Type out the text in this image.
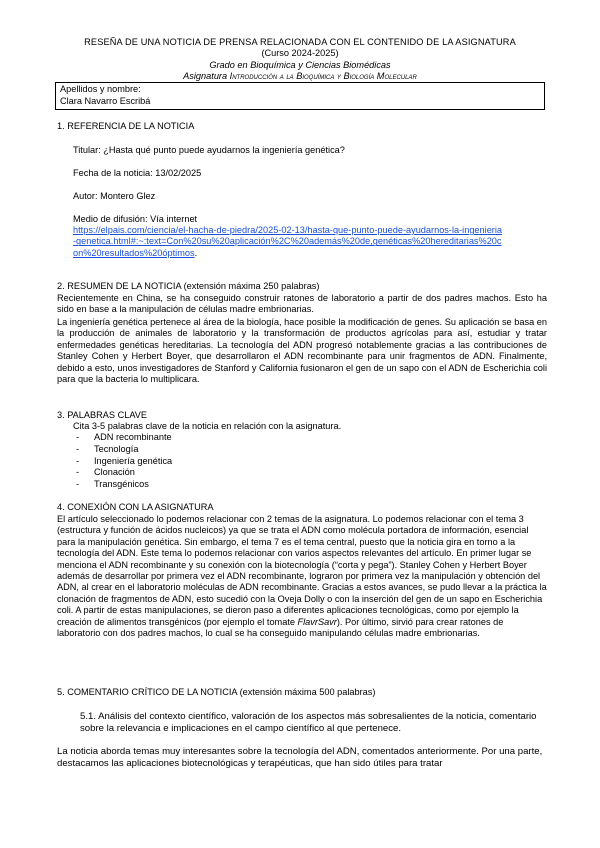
RESEÑA DE UNA NOTICIA DE PRENSA RELACIONADA CON EL CONTENIDO DE LA ASIGNATURA
(Curso 2024-2025)
Grado en Bioquímica y Ciencias Biomédicas
Asignatura Introducción a la Bioquímica y Biología Molecular
Apellidos y nombre:
Clara Navarro Escribá
1. REFERENCIA DE LA NOTICIA
Titular: ¿Hasta qué punto puede ayudarnos la ingeniería genética?
Fecha de la noticia: 13/02/2025
Autor: Montero Glez
Medio de difusión: Vía internet
https://elpais.com/ciencia/el-hacha-de-piedra/2025-02-13/hasta-que-punto-puede-ayudarnos-la-ingenieria
-genetica.html#:~:text=Con%20su%20aplicación%2C%20además%20de,genéticas%20hereditarias%20c
on%20resultados%20óptimos.
2. RESUMEN DE LA NOTICIA (extensión máxima 250 palabras)
Recientemente en China, se ha conseguido construir ratones de laboratorio a partir de dos padres machos. Esto ha sido en base a la manipulación de células madre embrionarias.
La ingeniería genética pertenece al área de la biología, hace posible la modificación de genes. Su aplicación se basa en la producción de animales de laboratorio y la transformación de productos agrícolas para así, estudiar y tratar enfermedades genéticas hereditarias. La tecnología del ADN progresó notablemente gracias a las contribuciones de Stanley Cohen y Herbert Boyer, que desarrollaron el ADN recombinante para unir fragmentos de ADN. Finalmente, debido a esto, unos investigadores de Stanford y California fusionaron el gen de un sapo con el ADN de Escherichia coli para que la bacteria lo multiplicara.
3. PALABRAS CLAVE
Cita 3-5 palabras clave de la noticia en relación con la asignatura.
- ADN recombinante
- Tecnología
- Ingeniería genética
- Clonación
- Transgénicos
4. CONEXIÓN CON LA ASIGNATURA
El artículo seleccionado lo podemos relacionar con 2 temas de la asignatura. Lo podemos relacionar con el tema 3 (estructura y función de ácidos nucleicos) ya que se trata el ADN como molécula portadora de información, esencial para la manipulación genética. Sin embargo, el tema 7 es el tema central, puesto que la noticia gira en torno a la tecnología del ADN. Este tema lo podemos relacionar con varios aspectos relevantes del artículo. En primer lugar se menciona el ADN recombinante y su conexión con la biotecnología (“corta y pega”). Stanley Cohen y Herbert Boyer además de desarrollar por primera vez el ADN recombinante, lograron por primera vez la manipulación y obtención del ADN, al crear en el laboratorio moléculas de ADN recombinante. Gracias a estos avances, se pudo llevar a la práctica la clonación de fragmentos de ADN, esto sucedió con la Oveja Dolly o con la inserción del gen de un sapo en Escherichia coli. A partir de estas manipulaciones, se dieron paso a diferentes aplicaciones tecnológicas, como por ejemplo la creación de alimentos transgénicos (por ejemplo el tomate FlavrSavr). Por último, sirvió para crear ratones de laboratorio con dos padres machos, lo cual se ha conseguido manipulando células madre embrionarias.
5. COMENTARIO CRÍTICO DE LA NOTICIA (extensión máxima 500 palabras)
5.1. Análisis del contexto científico, valoración de los aspectos más sobresalientes de la noticia, comentario sobre la relevancia e implicaciones en el campo científico al que pertenece.
La noticia aborda temas muy interesantes sobre la tecnología del ADN, comentados anteriormente. Por una parte, destacamos las aplicaciones biotecnológicas y terapéuticas, que han sido útiles para tratar
